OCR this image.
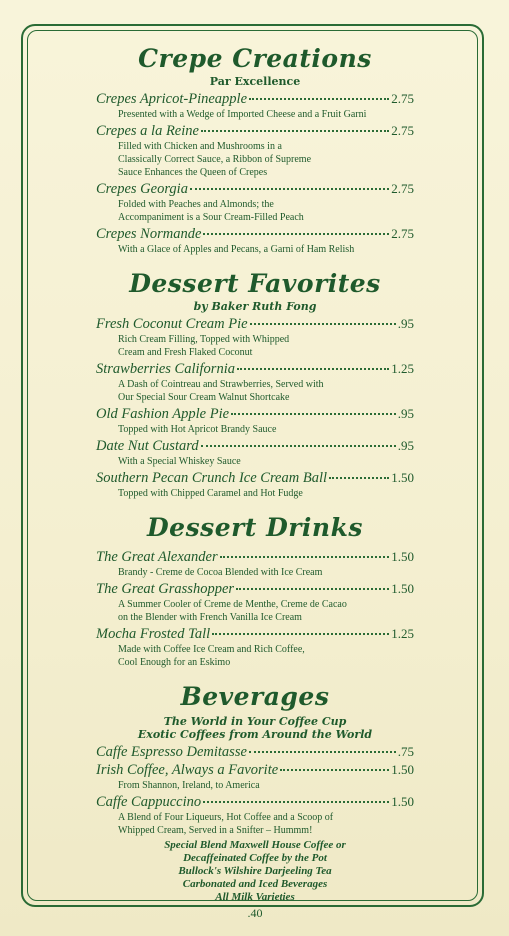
Crepe Creations
Par Excellence
Crepes Apricot-Pineapple	2.75
Presented with a Wedge of Imported Cheese and a Fruit Garni
Crepes a la Reine	2.75
Filled with Chicken and Mushrooms in a
Classically Correct Sauce, a Ribbon of Supreme
Sauce Enhances the Queen of Crepes
Crepes Georgia	2.75
Folded with Peaches and Almonds; the
Accompaniment is a Sour Cream-Filled Peach
Crepes Normande	2.75
With a Glace of Apples and Pecans, a Garni of Ham Relish
Dessert Favorites
by Baker Ruth Fong
Fresh Coconut Cream Pie	.95
Rich Cream Filling, Topped with Whipped
Cream and Fresh Flaked Coconut
Strawberries California	1.25
A Dash of Cointreau and Strawberries, Served with
Our Special Sour Cream Walnut Shortcake
Old Fashion Apple Pie	.95
Topped with Hot Apricot Brandy Sauce
Date Nut Custard	.95
With a Special Whiskey Sauce
Southern Pecan Crunch Ice Cream Ball	1.50
Topped with Chipped Caramel and Hot Fudge
Dessert Drinks
The Great Alexander	1.50
Brandy - Creme de Cocoa Blended with Ice Cream
The Great Grasshopper	1.50
A Summer Cooler of Creme de Menthe, Creme de Cacao
on the Blender with French Vanilla Ice Cream
Mocha Frosted Tall	1.25
Made with Coffee Ice Cream and Rich Coffee,
Cool Enough for an Eskimo
Beverages
The World in Your Coffee Cup
Exotic Coffees from Around the World
Caffe Espresso Demitasse	.75
Irish Coffee, Always a Favorite	1.50
From Shannon, Ireland, to America
Caffe Cappuccino	1.50
A Blend of Four Liqueurs, Hot Coffee and a Scoop of
Whipped Cream, Served in a Snifter – Hummm!
Special Blend Maxwell House Coffee or
Decaffeinated Coffee by the Pot
Bullock's Wilshire Darjeeling Tea
Carbonated and Iced Beverages
All Milk Varieties
.40
